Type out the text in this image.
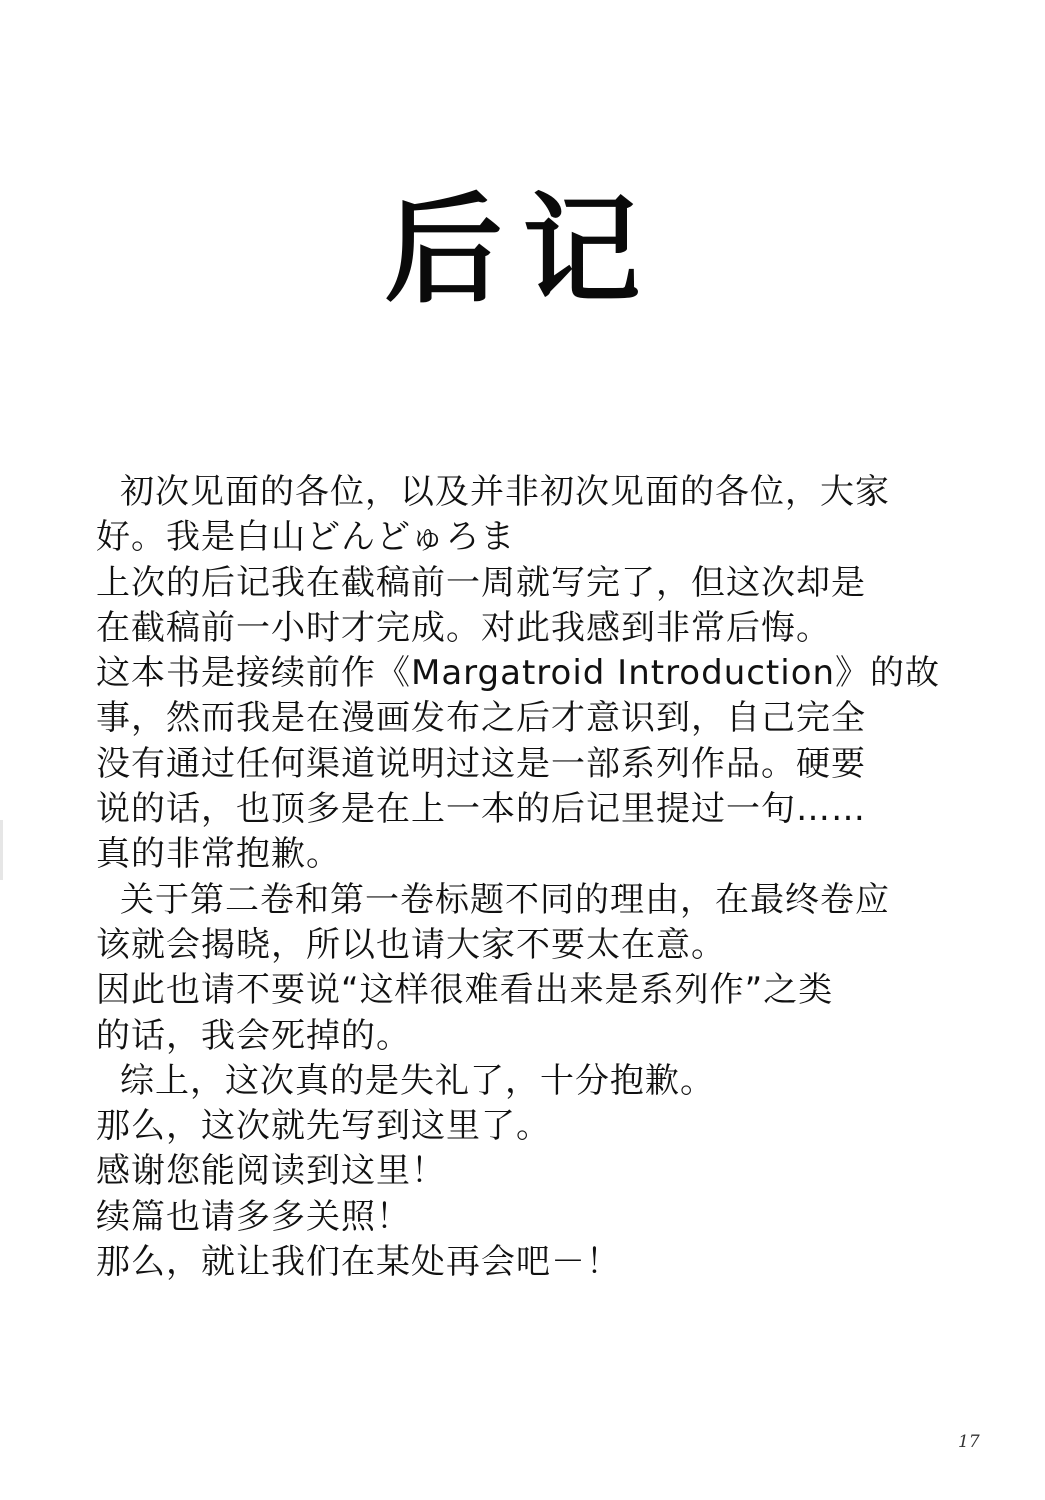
后记
初次见面的各位，以及并非初次见面的各位，大家
好。我是白山どんどゅろま
上次的后记我在截稿前一周就写完了，但这次却是
在截稿前一小时才完成。对此我感到非常后悔。
这本书是接续前作《Margatroid Introduction》的故
事，然而我是在漫画发布之后才意识到，自己完全
没有通过任何渠道说明过这是一部系列作品。硬要
说的话，也顶多是在上一本的后记里提过一句……
真的非常抱歉。
关于第二卷和第一卷标题不同的理由，在最终卷应
该就会揭晓，所以也请大家不要太在意。
因此也请不要说“这样很难看出来是系列作”之类
的话，我会死掉的。
综上，这次真的是失礼了，十分抱歉。
那么，这次就先写到这里了。
感谢您能阅读到这里！
续篇也请多多关照！
那么，就让我们在某处再会吧－！
17
